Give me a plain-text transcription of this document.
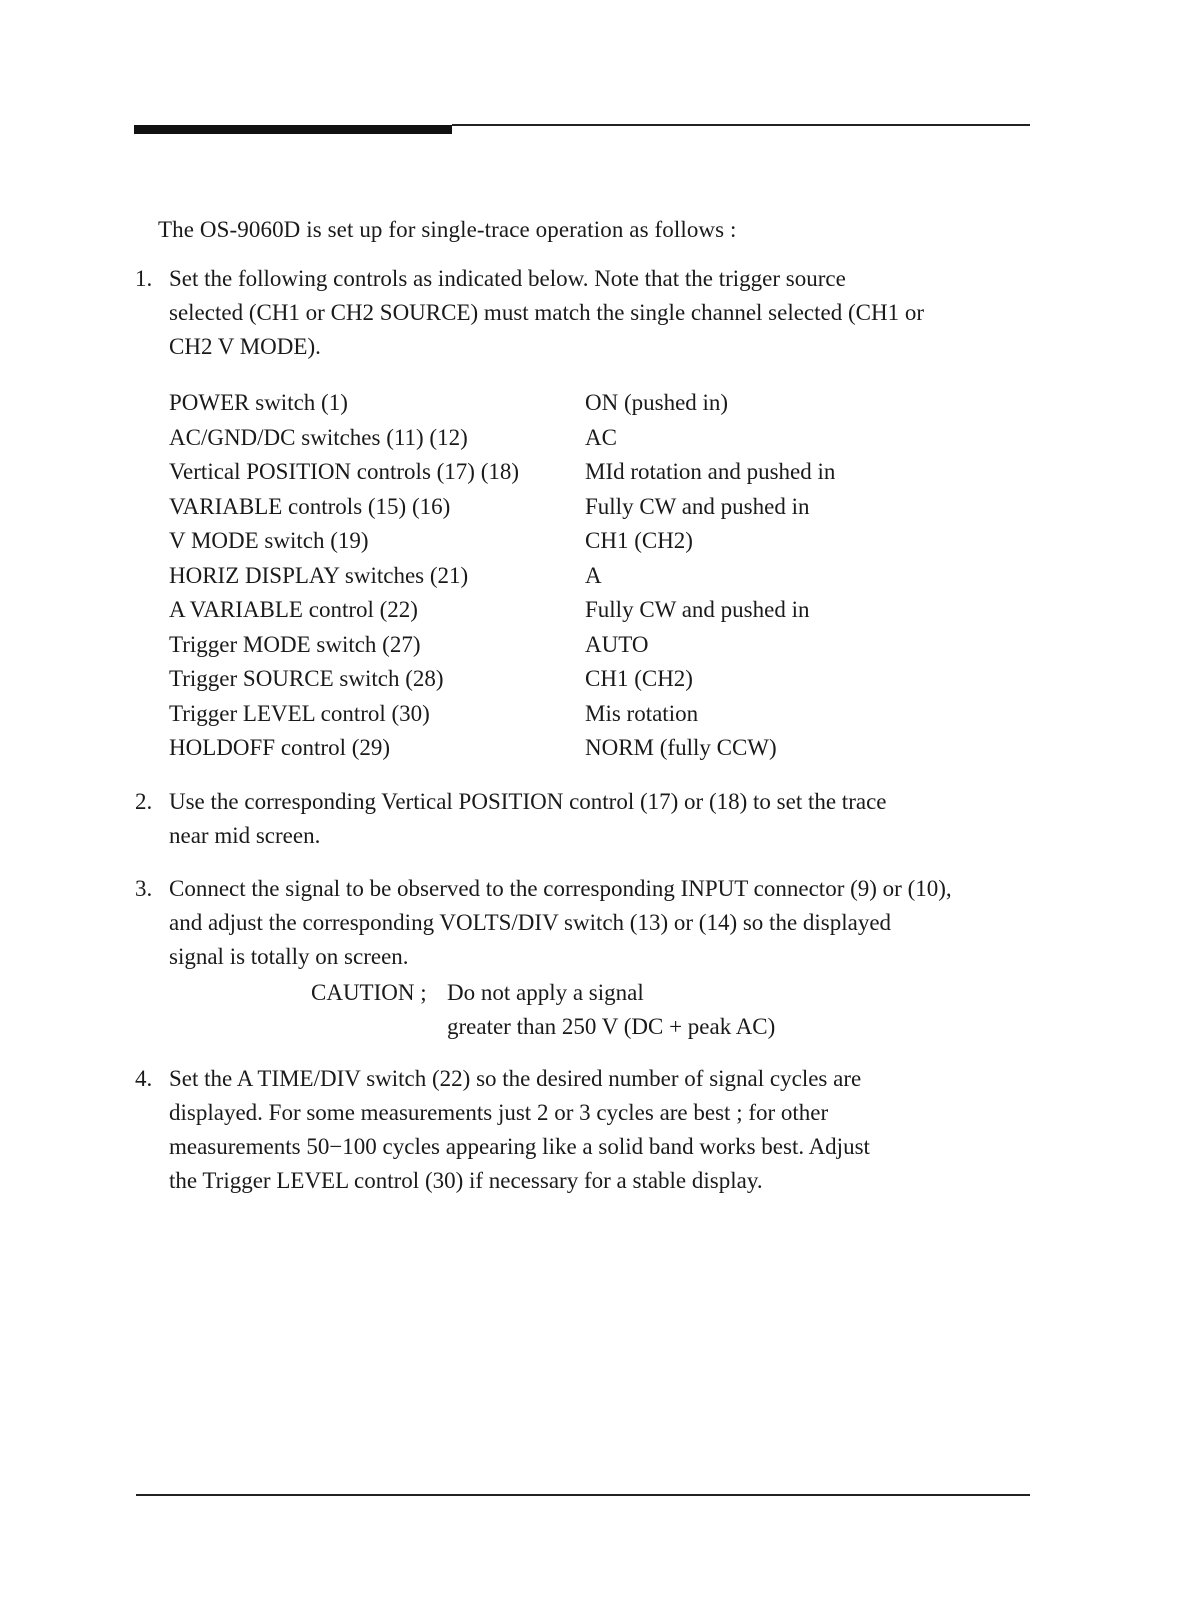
The OS-9060D is set up for single-trace operation as follows :
1. Set the following controls as indicated below. Note that the trigger source
selected (CH1 or CH2 SOURCE) must match the single channel selected (CH1 or
CH2 V MODE).
POWER switch (1)	ON (pushed in)
AC/GND/DC switches (11) (12)	AC
Vertical POSITION controls (17) (18)	MId rotation and pushed in
VARIABLE controls (15) (16)	Fully CW and pushed in
V MODE switch (19)	CH1 (CH2)
HORIZ DISPLAY switches (21)	A
A VARIABLE control (22)	Fully CW and pushed in
Trigger MODE switch (27)	AUTO
Trigger SOURCE switch (28)	CH1 (CH2)
Trigger LEVEL control (30)	Mis rotation
HOLDOFF control (29)	NORM (fully CCW)
2. Use the corresponding Vertical POSITION control (17) or (18) to set the trace
near mid screen.
3. Connect the signal to be observed to the corresponding INPUT connector (9) or (10),
and adjust the corresponding VOLTS/DIV switch (13) or (14) so the displayed
signal is totally on screen.
CAUTION ; Do not apply a signal
greater than 250 V (DC + peak AC)
4. Set the A TIME/DIV switch (22) so the desired number of signal cycles are
displayed. For some measurements just 2 or 3 cycles are best ; for other
measurements 50−100 cycles appearing like a solid band works best. Adjust
the Trigger LEVEL control (30) if necessary for a stable display.
